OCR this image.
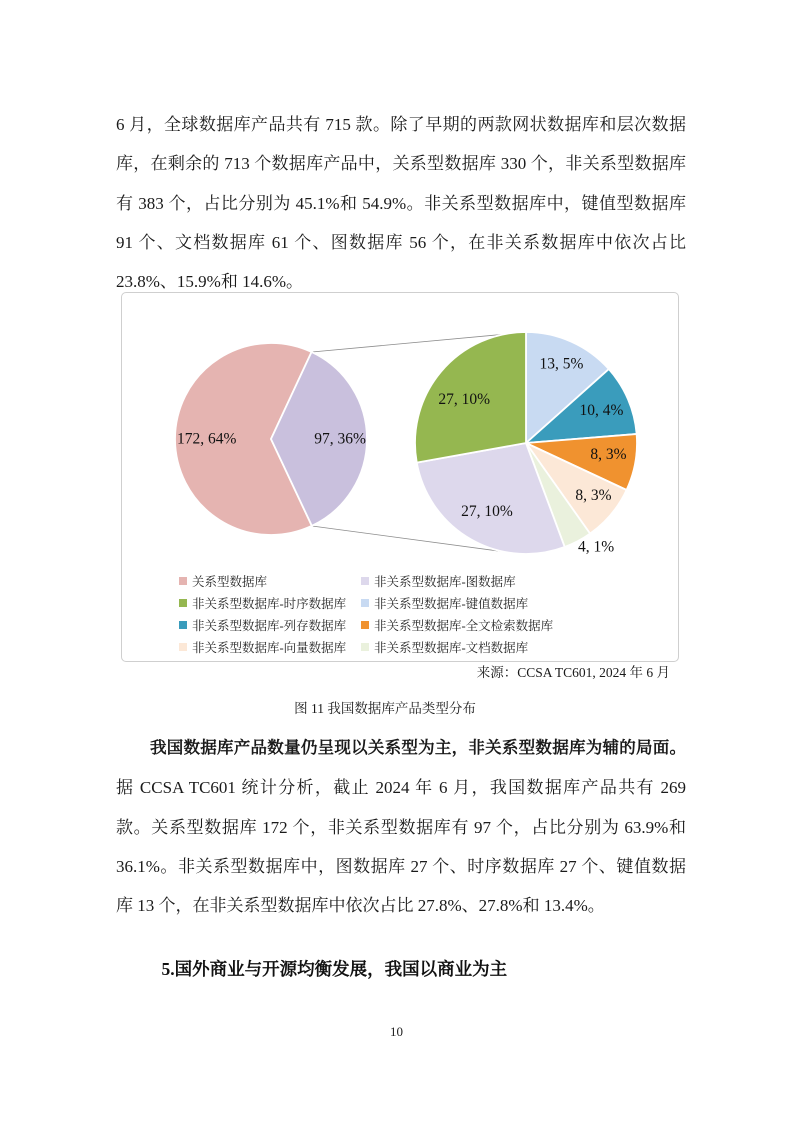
6 月，全球数据库产品共有 715 款。除了早期的两款网状数据库和层次数据库，在剩余的 713 个数据库产品中，关系型数据库 330 个，非关系型数据库有 383 个，占比分别为 45.1%和 54.9%。非关系型数据库中，键值型数据库 91 个、文档数据库 61 个、图数据库 56 个，在非关系数据库中依次占比 23.8%、15.9%和 14.6%。

172, 64%	97, 36%
13, 5%
10, 4%
8, 3%
8, 3%
4, 1%
27, 10%
27, 10%
关系型数据库	非关系型数据库-图数据库
非关系型数据库-时序数据库 非关系型数据库-键值数据库
非关系型数据库-列存数据库 非关系型数据库-全文检索数据库
非关系型数据库-向量数据库 非关系型数据库-文档数据库
来源：CCSA TC601, 2024 年 6 月
图 11 我国数据库产品类型分布

我国数据库产品数量仍呈现以关系型为主，非关系型数据库为辅的局面。据 CCSA TC601 统计分析，截止 2024 年 6 月，我国数据库产品共有 269 款。关系型数据库 172 个，非关系型数据库有 97 个，占比分别为 63.9%和 36.1%。非关系型数据库中，图数据库 27 个、时序数据库 27 个、键值数据库 13 个，在非关系型数据库中依次占比 27.8%、27.8%和 13.4%。

5.国外商业与开源均衡发展，我国以商业为主
10
